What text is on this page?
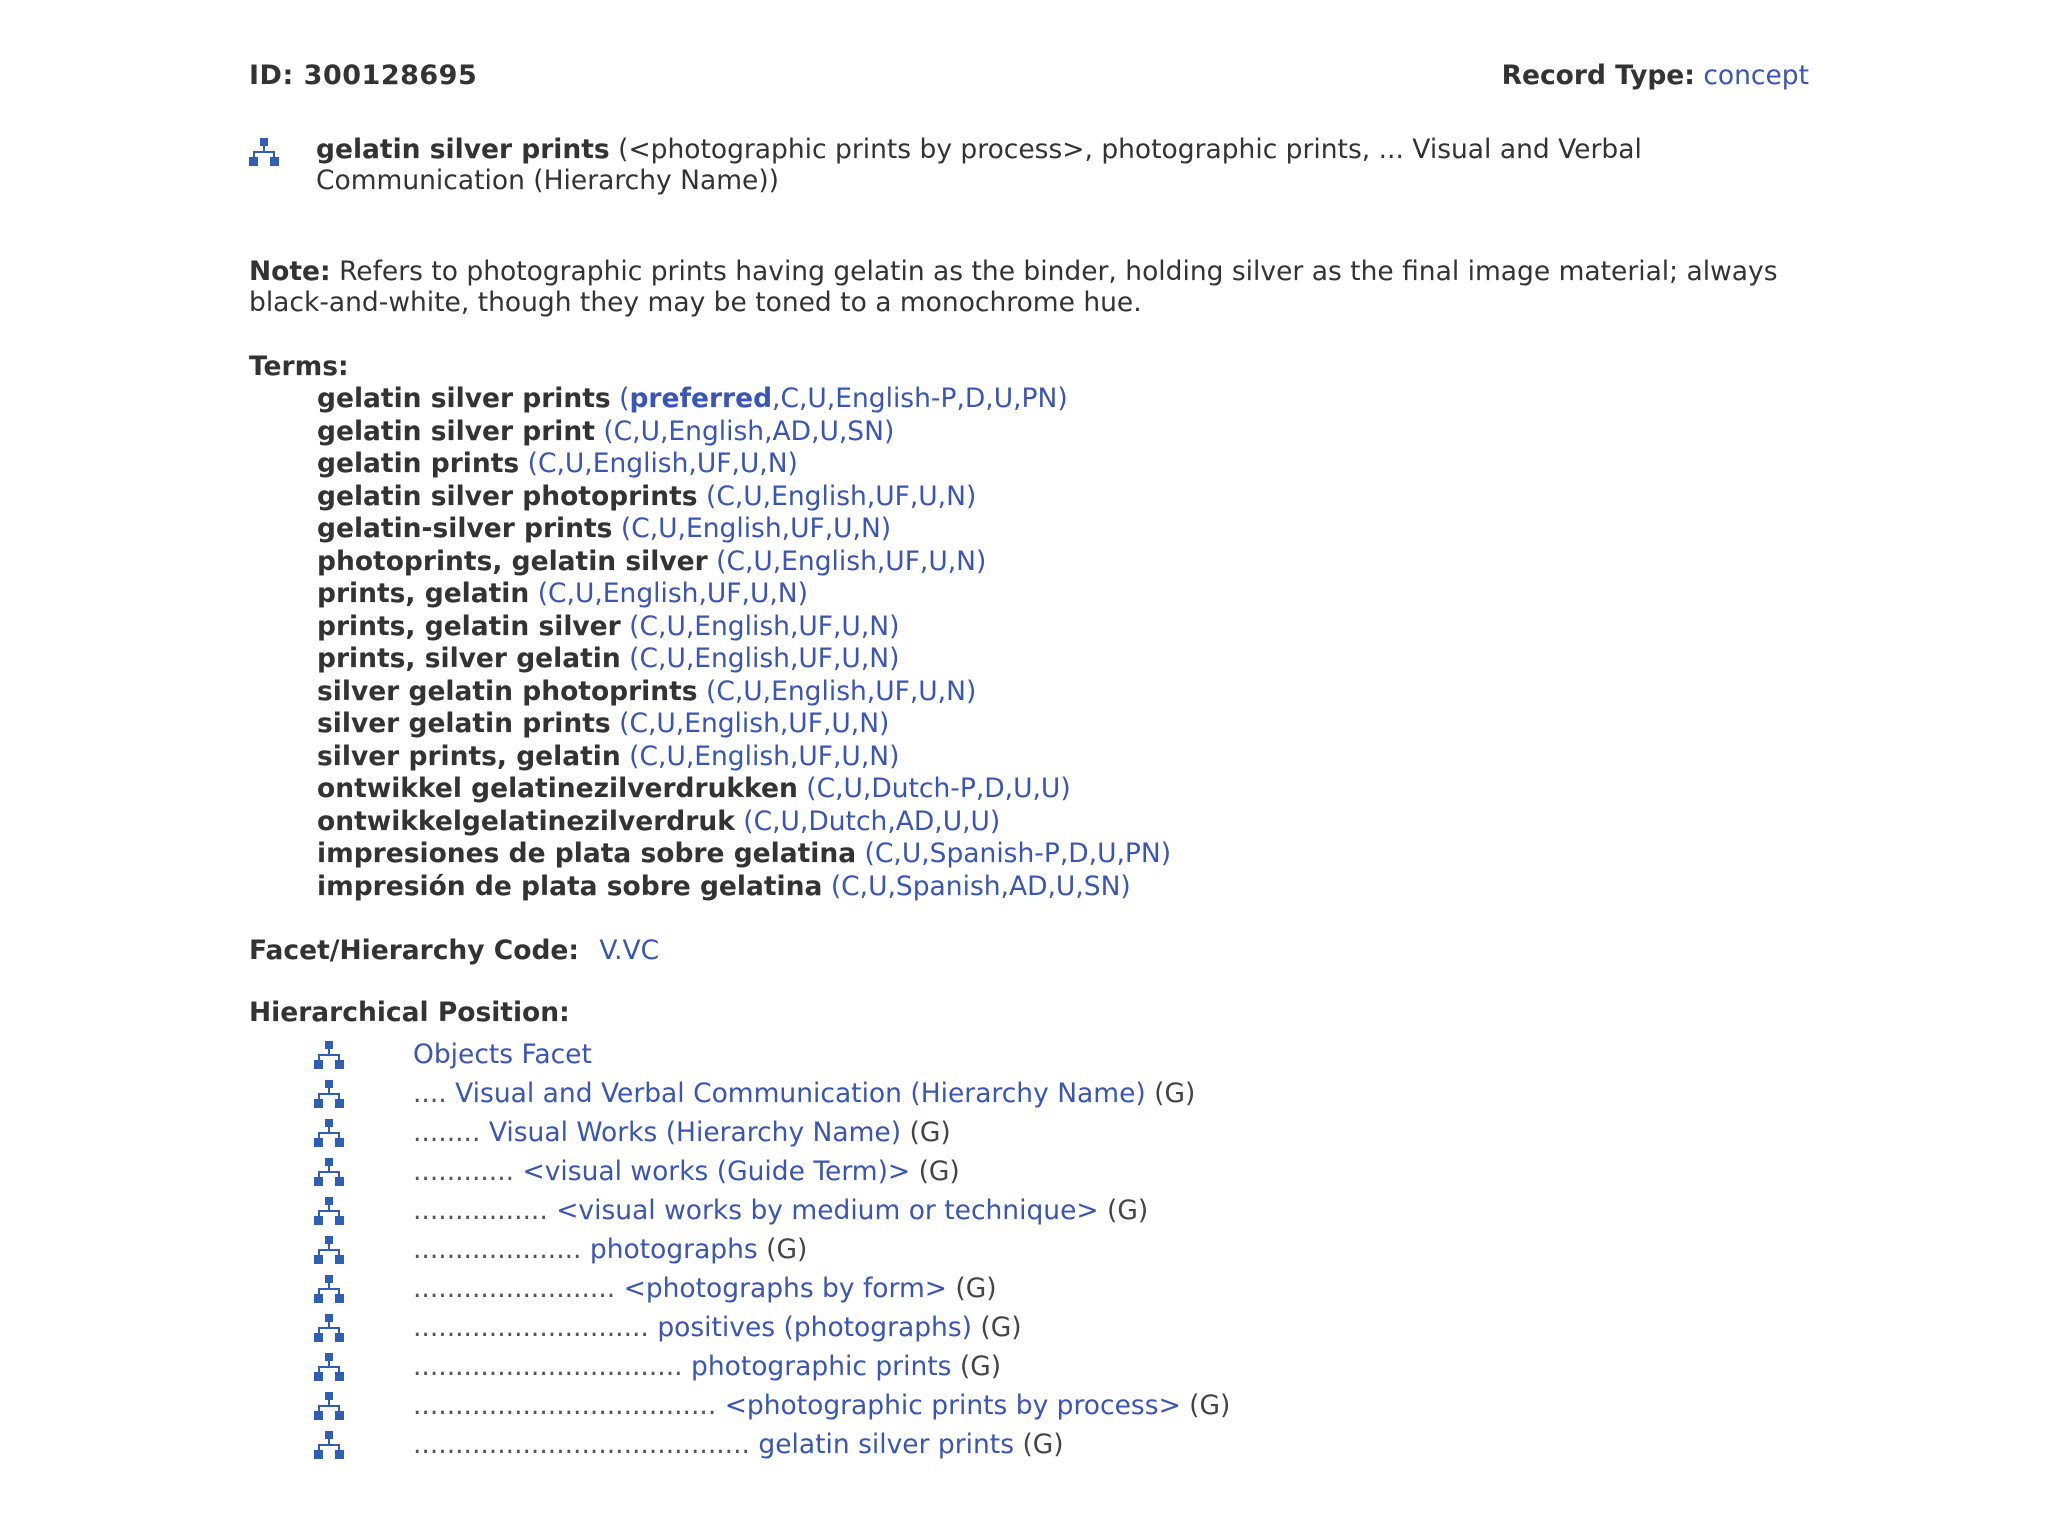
ID: 300128695	Record Type: concept
gelatin silver prints (<photographic prints by process>, photographic prints, ... Visual and Verbal Communication (Hierarchy Name))
Note: Refers to photographic prints having gelatin as the binder, holding silver as the final image material; always black-and-white, though they may be toned to a monochrome hue.
Terms:
gelatin silver prints (preferred,C,U,English-P,D,U,PN)
gelatin silver print (C,U,English,AD,U,SN)
gelatin prints (C,U,English,UF,U,N)
gelatin silver photoprints (C,U,English,UF,U,N)
gelatin-silver prints (C,U,English,UF,U,N)
photoprints, gelatin silver (C,U,English,UF,U,N)
prints, gelatin (C,U,English,UF,U,N)
prints, gelatin silver (C,U,English,UF,U,N)
prints, silver gelatin (C,U,English,UF,U,N)
silver gelatin photoprints (C,U,English,UF,U,N)
silver gelatin prints (C,U,English,UF,U,N)
silver prints, gelatin (C,U,English,UF,U,N)
ontwikkel gelatinezilverdrukken (C,U,Dutch-P,D,U,U)
ontwikkelgelatinezilverdruk (C,U,Dutch,AD,U,U)
impresiones de plata sobre gelatina (C,U,Spanish-P,D,U,PN)
impresión de plata sobre gelatina (C,U,Spanish,AD,U,SN)
Facet/Hierarchy Code: V.VC
Hierarchical Position:
Objects Facet
.... Visual and Verbal Communication (Hierarchy Name) (G)
........ Visual Works (Hierarchy Name) (G)
............ <visual works (Guide Term)> (G)
................ <visual works by medium or technique> (G)
.................... photographs (G)
........................ <photographs by form> (G)
............................ positives (photographs) (G)
................................ photographic prints (G)
.................................... <photographic prints by process> (G)
........................................ gelatin silver prints (G)
